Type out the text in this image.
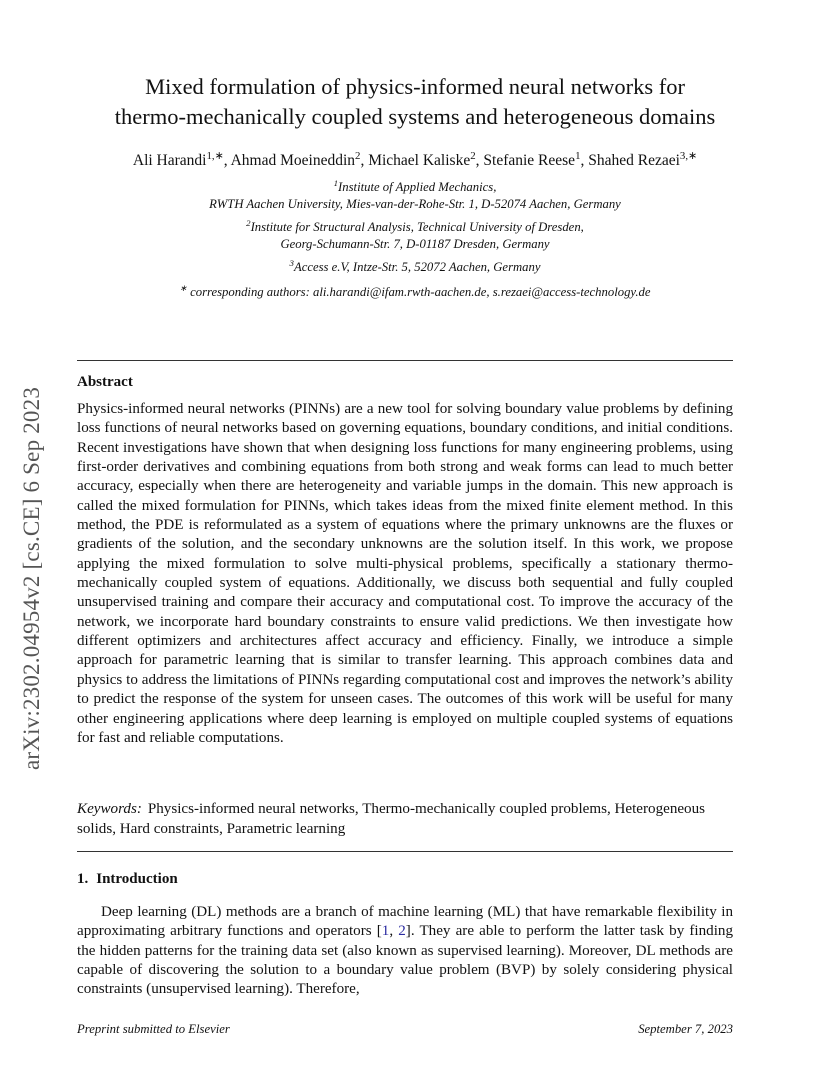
arXiv:2302.04954v2 [cs.CE] 6 Sep 2023
Mixed formulation of physics-informed neural networks for
thermo-mechanically coupled systems and heterogeneous domains
Ali Harandi$^{1,∗}$, Ahmad Moeineddin$^2$, Michael Kaliske$^2$, Stefanie Reese$^1$, Shahed Rezaei$^{3,∗}$
$^1$Institute of Applied Mechanics,
RWTH Aachen University, Mies-van-der-Rohe-Str. 1, D-52074 Aachen, Germany
$^2$Institute for Structural Analysis, Technical University of Dresden,
Georg-Schumann-Str. 7, D-01187 Dresden, Germany
$^3$Access e.V, Intze-Str. 5, 52072 Aachen, Germany
∗ corresponding authors: ali.harandi@ifam.rwth-aachen.de, s.rezaei@access-technology.de
Abstract
Physics-informed neural networks (PINNs) are a new tool for solving boundary value problems by defining loss functions of neural networks based on governing equations, boundary conditions, and initial conditions. Recent investigations have shown that when designing loss functions for many engineering problems, using first-order derivatives and combining equations from both strong and weak forms can lead to much better accuracy, especially when there are heterogeneity and variable jumps in the domain. This new approach is called the mixed formulation for PINNs, which takes ideas from the mixed finite element method. In this method, the PDE is reformulated as a system of equations where the primary unknowns are the fluxes or gradients of the solution, and the secondary unknowns are the solution itself. In this work, we propose applying the mixed formulation to solve multi-physical problems, specifically a stationary thermo-mechanically coupled system of equations. Additionally, we discuss both sequential and fully coupled unsupervised training and compare their accuracy and computational cost. To improve the accuracy of the network, we incorporate hard boundary constraints to ensure valid predictions. We then investigate how different optimizers and architectures affect accuracy and efficiency. Finally, we introduce a simple approach for parametric learning that is similar to transfer learning. This approach combines data and physics to address the limitations of PINNs regarding computational cost and improves the network’s ability to predict the response of the system for unseen cases. The outcomes of this work will be useful for many other engineering applications where deep learning is employed on multiple coupled systems of equations for fast and reliable computations.
Keywords: Physics-informed neural networks, Thermo-mechanically coupled problems, Heterogeneous solids, Hard constraints, Parametric learning
1. Introduction
Deep learning (DL) methods are a branch of machine learning (ML) that have remarkable flexibility in approximating arbitrary functions and operators [1, 2]. They are able to perform the latter task by finding the hidden patterns for the training data set (also known as supervised learning). Moreover, DL methods are capable of discovering the solution to a boundary value problem (BVP) by solely considering physical constraints (unsupervised learning). Therefore,
Preprint submitted to Elsevier	September 7, 2023
